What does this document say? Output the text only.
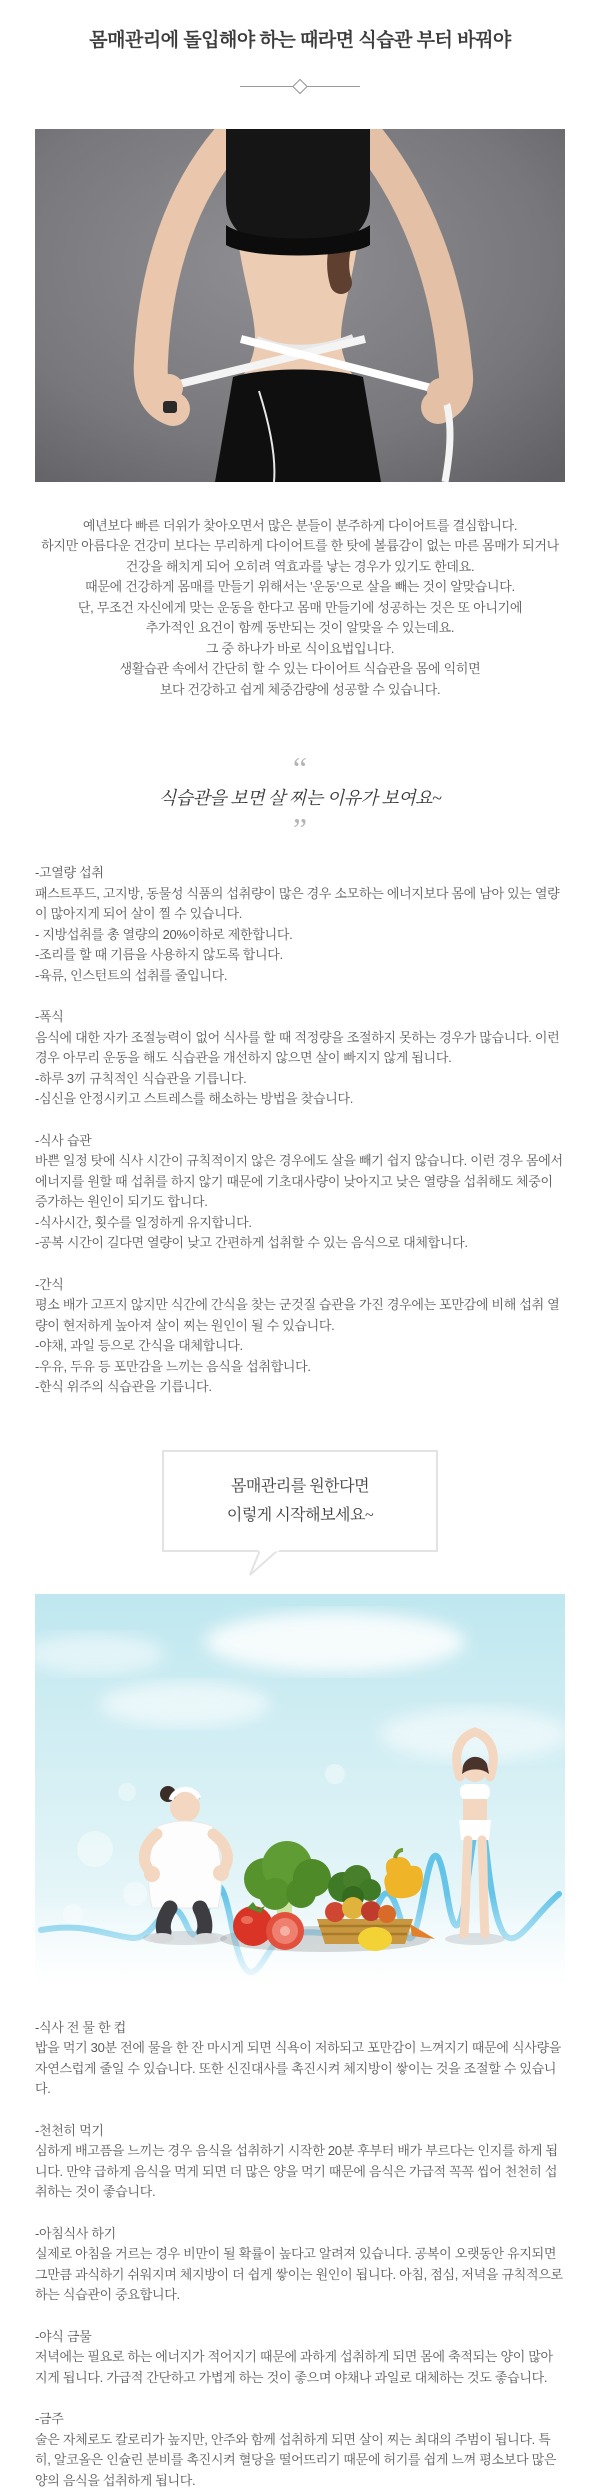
몸매관리에 돌입해야 하는 때라면 식습관 부터 바꿔야

예년보다 빠른 더위가 찾아오면서 많은 분들이 분주하게 다이어트를 결심합니다.

하지만 아름다운 건강미 보다는 무리하게 다이어트를 한 탓에 볼륨감이 없는 마른 몸매가 되거나

건강을 해치게 되어 오히려 역효과를 낳는 경우가 있기도 한데요.

때문에 건강하게 몸매를 만들기 위해서는 '운동'으로 살을 빼는 것이 알맞습니다.

단, 무조건 자신에게 맞는 운동을 한다고 몸매 만들기에 성공하는 것은 또 아니기에

추가적인 요건이 함께 동반되는 것이 알맞을 수 있는데요.

그 중 하나가 바로 식이요법입니다.

생활습관 속에서 간단히 할 수 있는 다이어트 식습관을 몸에 익히면

보다 건강하고 쉽게 체중감량에 성공할 수 있습니다.

“

식습관을 보면 살 찌는 이유가 보여요~

”

-고열량 섭취

패스트푸드, 고지방, 동물성 식품의 섭취량이 많은 경우 소모하는 에너지보다 몸에 남아 있는 열량이 많아지게 되어 살이 찔 수 있습니다.

- 지방섭취를 총 열량의 20%이하로 제한합니다.

-조리를 할 때 기름을 사용하지 않도록 합니다.

-육류, 인스턴트의 섭취를 줄입니다.

-폭식

음식에 대한 자가 조절능력이 없어 식사를 할 때 적정량을 조절하지 못하는 경우가 많습니다. 이런 경우 아무리 운동을 해도 식습관을 개선하지 않으면 살이 빠지지 않게 됩니다.

-하루 3끼 규칙적인 식습관을 기릅니다.

-심신을 안정시키고 스트레스를 해소하는 방법을 찾습니다.

-식사 습관

바쁜 일정 탓에 식사 시간이 규칙적이지 않은 경우에도 살을 빼기 쉽지 않습니다. 이런 경우 몸에서 에너지를 원할 때 섭취를 하지 않기 때문에 기초대사량이 낮아지고 낮은 열량을 섭취해도 체중이 증가하는 원인이 되기도 합니다.

-식사시간, 횟수를 일정하게 유지합니다.

-공복 시간이 길다면 열량이 낮고 간편하게 섭취할 수 있는 음식으로 대체합니다.

-간식

평소 배가 고프지 않지만 식간에 간식을 찾는 군것질 습관을 가진 경우에는 포만감에 비해 섭취 열량이 현저하게 높아져 살이 찌는 원인이 될 수 있습니다.

-야채, 과일 등으로 간식을 대체합니다.

-우유, 두유 등 포만감을 느끼는 음식을 섭취합니다.

-한식 위주의 식습관을 기릅니다.

몸매관리를 원한다면

이렇게 시작해보세요~

-식사 전 물 한 컵

밥을 먹기 30분 전에 물을 한 잔 마시게 되면 식욕이 저하되고 포만감이 느껴지기 때문에 식사량을 자연스럽게 줄일 수 있습니다. 또한 신진대사를 촉진시켜 체지방이 쌓이는 것을 조절할 수 있습니다.

-천천히 먹기

심하게 배고픔을 느끼는 경우 음식을 섭취하기 시작한 20분 후부터 배가 부르다는 인지를 하게 됩니다. 만약 급하게 음식을 먹게 되면 더 많은 양을 먹기 때문에 음식은 가급적 꼭꼭 씹어 천천히 섭취하는 것이 좋습니다.

-아침식사 하기

실제로 아침을 거르는 경우 비만이 될 확률이 높다고 알려져 있습니다. 공복이 오랫동안 유지되면 그만큼 과식하기 쉬워지며 체지방이 더 쉽게 쌓이는 원인이 됩니다. 아침, 점심, 저녁을 규칙적으로 하는 식습관이 중요합니다.

-야식 금물

저녁에는 필요로 하는 에너지가 적어지기 때문에 과하게 섭취하게 되면 몸에 축적되는 양이 많아지게 됩니다. 가급적 간단하고 가볍게 하는 것이 좋으며 야채나 과일로 대체하는 것도 좋습니다.

-금주

술은 자체로도 칼로리가 높지만, 안주와 함께 섭취하게 되면 살이 찌는 최대의 주범이 됩니다. 특히, 알코올은 인슐린 분비를 촉진시켜 혈당을 떨어뜨리기 때문에 허기를 쉽게 느껴 평소보다 많은 양의 음식을 섭취하게 됩니다.
